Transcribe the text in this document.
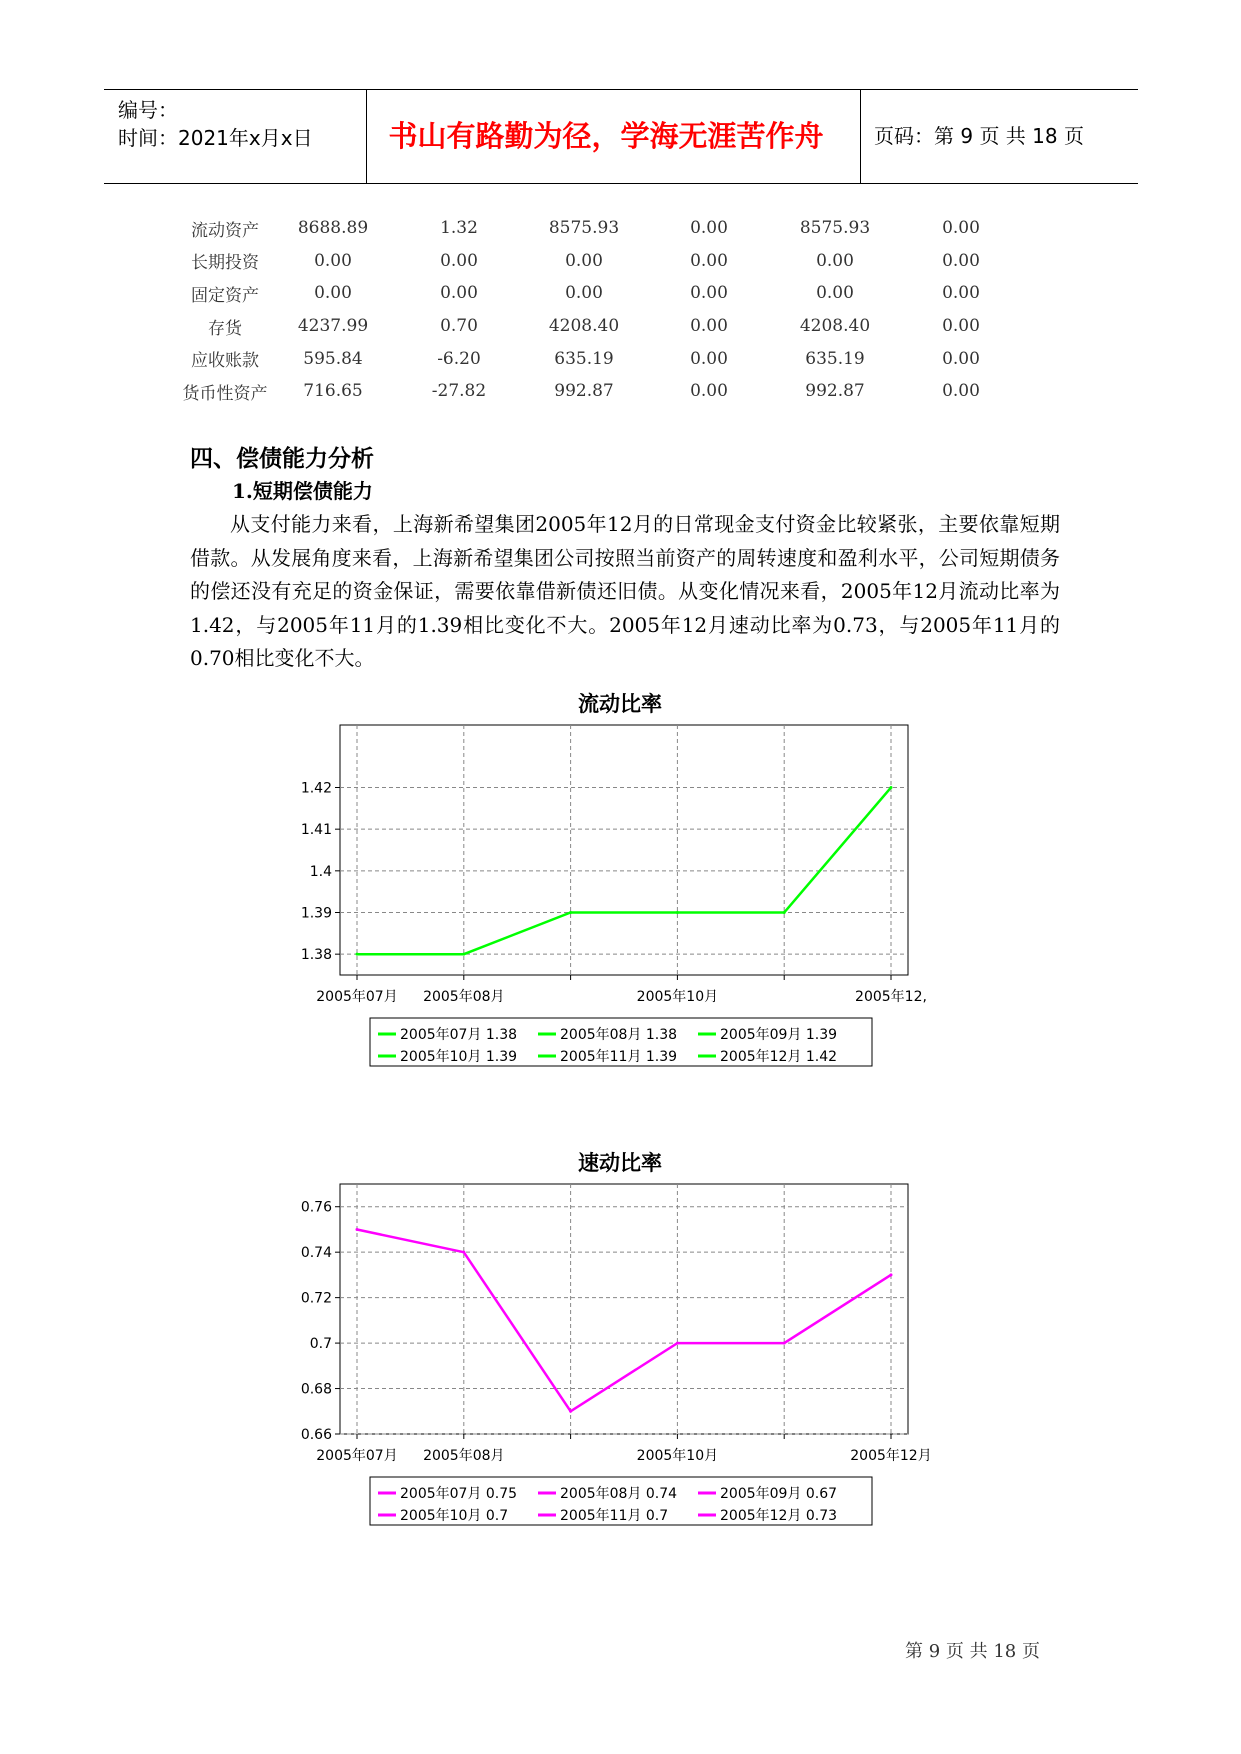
编号：
时间：2021年x月x日	书山有路勤为径，学海无涯苦作舟	页码：第 9 页 共 18 页
流动资产	8688.89	1.32	8575.93	0.00	8575.93	0.00
长期投资	0.00	0.00	0.00	0.00	0.00	0.00
固定资产	0.00	0.00	0.00	0.00	0.00	0.00
存货	4237.99	0.70	4208.40	0.00	4208.40	0.00
应收账款	595.84	-6.20	635.19	0.00	635.19	0.00
货币性资产	716.65	-27.82	992.87	0.00	992.87	0.00
四、偿债能力分析
1.短期偿债能力
从支付能力来看，上海新希望集团2005年12月的日常现金支付资金比较紧张，主要依靠短期借款。从发展角度来看，上海新希望集团公司按照当前资产的周转速度和盈利水平，公司短期债务的偿还没有充足的资金保证，需要依靠借新债还旧债。从变化情况来看，2005年12月流动比率为1.42，与2005年11月的1.39相比变化不大。2005年12月速动比率为0.73，与2005年11月的0.70相比变化不大。
流动比率
1.38
1.39
1.4
1.41
1.42
2005年07月 2005年08月	2005年10月	2005年12,
2005年07月 1.38	2005年08月 1.38	2005年09月 1.39
2005年10月 1.39	2005年11月 1.39	2005年12月 1.42
速动比率
0.66
0.68
0.7
0.72
0.74
0.76
2005年07月 2005年08月	2005年10月	2005年12月
2005年07月 0.75	2005年08月 0.74	2005年09月 0.67
2005年10月 0.7	2005年11月 0.7	2005年12月 0.73
第 9 页 共 18 页
